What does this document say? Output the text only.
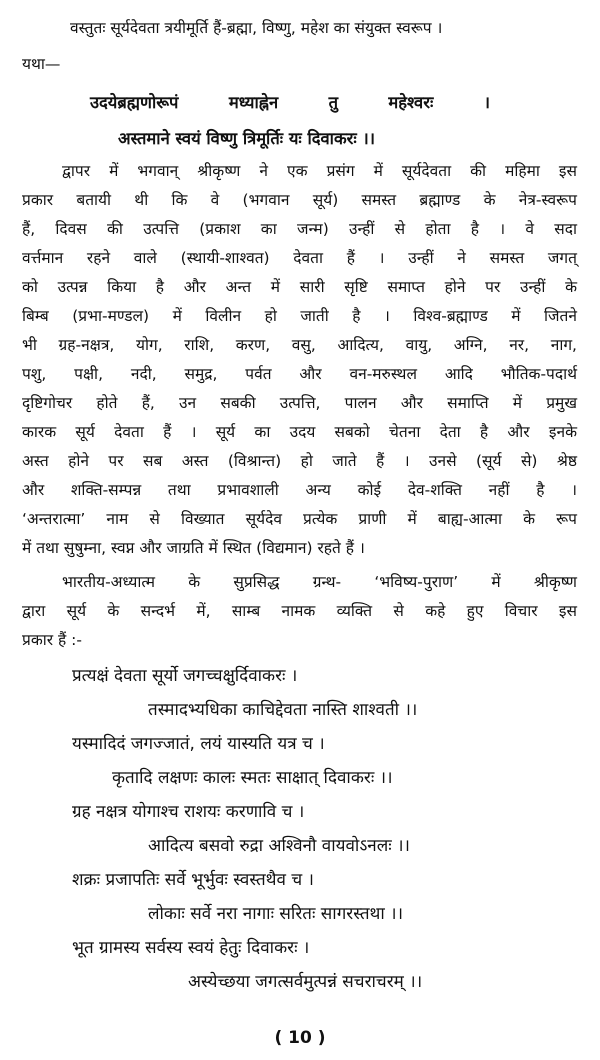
वस्तुतः सूर्यदेवता त्रयीमूर्ति हैं-ब्रह्मा, विष्णु, महेश का संयुक्त स्वरूप ।
यथा—
उदयेब्रह्मणोरूपं मध्याह्नेन तु महेश्वरः ।
अस्तमाने स्वयं विष्णु त्रिमूर्तिः यः दिवाकरः ।।
द्वापर में भगवान् श्रीकृष्ण ने एक प्रसंग में सूर्यदेवता की महिमा इस
प्रकार बतायी थी कि वे (भगवान सूर्य) समस्त ब्रह्माण्ड के नेत्र-स्वरूप
हैं, दिवस की उत्पत्ति (प्रकाश का जन्म) उन्हीं से होता है । वे सदा
वर्त्तमान रहने वाले (स्थायी-शाश्वत) देवता हैं । उन्हीं ने समस्त जगत्
को उत्पन्न किया है और अन्त में सारी सृष्टि समाप्त होने पर उन्हीं के
बिम्ब (प्रभा-मण्डल) में विलीन हो जाती है । विश्व-ब्रह्माण्ड में जितने
भी ग्रह-नक्षत्र, योग, राशि, करण, वसु, आदित्य, वायु, अग्नि, नर, नाग,
पशु, पक्षी, नदी, समुद्र, पर्वत और वन-मरुस्थल आदि भौतिक-पदार्थ
दृष्टिगोचर होते हैं, उन सबकी उत्पत्ति, पालन और समाप्ति में प्रमुख
कारक सूर्य देवता हैं । सूर्य का उदय सबको चेतना देता है और इनके
अस्त होने पर सब अस्त (विश्रान्त) हो जाते हैं । उनसे (सूर्य से) श्रेष्ठ
और शक्ति-सम्पन्न तथा प्रभावशाली अन्य कोई देव-शक्ति नहीं है ।
‘अन्तरात्मा’ नाम से विख्यात सूर्यदेव प्रत्येक प्राणी में बाह्य-आत्मा के रूप
में तथा सुषुम्ना, स्वप्न और जाग्रति में स्थित (विद्यमान) रहते हैं ।
भारतीय-अध्यात्म के सुप्रसिद्ध ग्रन्थ- ‘भविष्य-पुराण’ में श्रीकृष्ण
द्वारा सूर्य के सन्दर्भ में, साम्ब नामक व्यक्ति से कहे हुए विचार इस
प्रकार हैं :-
प्रत्यक्षं देवता सूर्यो जगच्चक्षुर्दिवाकरः ।
तस्मादभ्यधिका काचिद्देवता नास्ति शाश्वती ।।
यस्मादिदं जगज्जातं, लयं यास्यति यत्र च ।
कृतादि लक्षणः कालः स्मतः साक्षात् दिवाकरः ।।
ग्रह नक्षत्र योगाश्च राशयः करणावि च ।
आदित्य बसवो रुद्रा अश्विनौ वायवोऽनलः ।।
शक्रः प्रजापतिः सर्वे भूर्भुवः स्वस्तथैव च ।
लोकाः सर्वे नरा नागाः सरितः सागरस्तथा ।।
भूत ग्रामस्य सर्वस्य स्वयं हेतुः दिवाकरः ।
अस्येच्छया जगत्सर्वमुत्पन्नं सचराचरम् ।।
( 10 )
